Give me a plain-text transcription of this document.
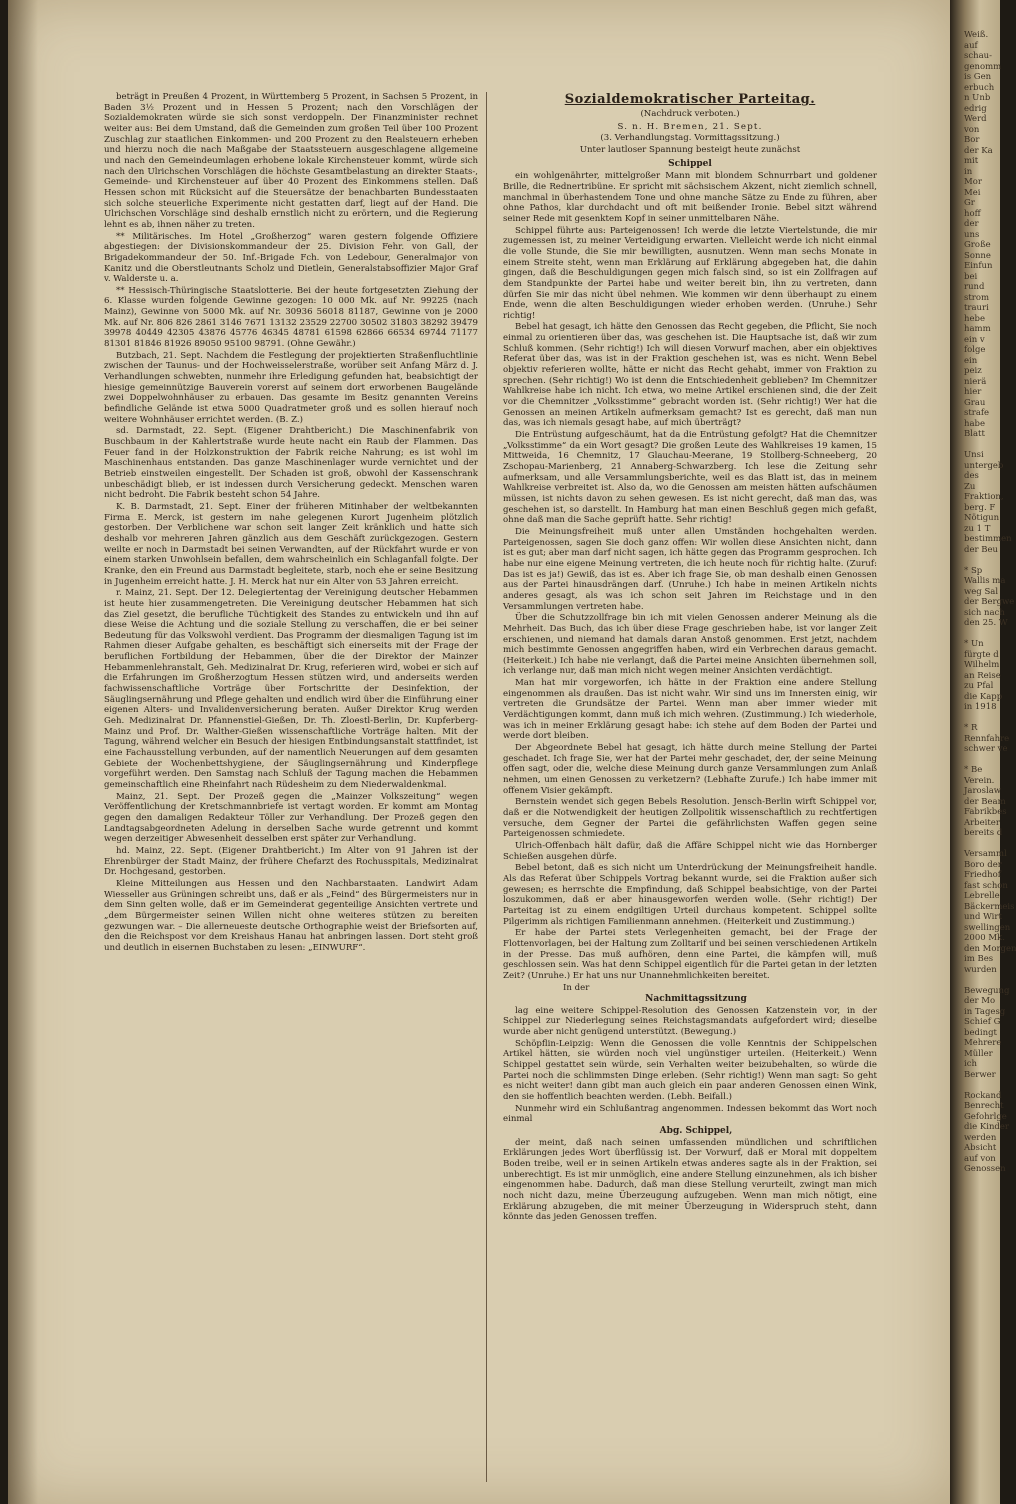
beträgt in Preußen 4 Prozent, in Württemberg 5 Prozent, in Sachsen 5 Prozent, in Baden 3½ Prozent und in Hessen 5 Prozent; nach den Vorschlägen der Sozialdemokraten würde sie sich sonst verdoppeln. Der Finanzminister rechnet weiter aus: Bei dem Umstand, daß die Gemeinden zum großen Teil über 100 Prozent Zuschlag zur staatlichen Einkommen- und 200 Prozent zu den Realsteuern erheben und hierzu noch die nach Maßgabe der Staatssteuern ausgeschlagene allgemeine und nach den Gemeindeumlagen erhobene lokale Kirchensteuer kommt, würde sich nach den Ulrichschen Vorschlägen die höchste Gesamtbelastung an direkter Staats-, Gemeinde- und Kirchensteuer auf über 40 Prozent des Einkommens stellen. Daß Hessen schon mit Rücksicht auf die Steuersätze der benachbarten Bundesstaaten sich solche steuerliche Experimente nicht gestatten darf, liegt auf der Hand. Die Ulrichschen Vorschläge sind deshalb ernstlich nicht zu erörtern, und die Regierung lehnt es ab, ihnen näher zu treten.

** Militärisches. Im Hotel „Großherzog“ waren gestern folgende Offiziere abgestiegen: der Divisionskommandeur der 25. Division Fehr. von Gall, der Brigadekommandeur der 50. Inf.-Brigade Fch. von Ledebour, Generalmajor von Kanitz und die Oberstleutnants Scholz und Dietlein, Generalstabsoffizier Major Graf v. Walderste u. a.

** Hessisch-Thüringische Staatslotterie. Bei der heute fortgesetzten Ziehung der 6. Klasse wurden folgende Gewinne gezogen: 10 000 Mk. auf Nr. 99225 (nach Mainz), Gewinne von 5000 Mk. auf Nr. 30936 56018 81187, Gewinne von je 2000 Mk. auf Nr. 806 826 2861 3146 7671 13132 23529 22700 30502 31803 38292 39479 39978 40449 42305 43876 45776 46345 48781 61598 62866 66534 69744 71177 81301 81846 81926 89050 95100 98791. (Ohne Gewähr.)

Butzbach, 21. Sept. Nachdem die Festlegung der projektierten Straßenfluchtlinie zwischen der Taunus- und der Hochweisselerstraße, worüber seit Anfang März d. J. Verhandlungen schwebten, nunmehr ihre Erledigung gefunden hat, beabsichtigt der hiesige gemeinnützige Bauverein vorerst auf seinem dort erworbenen Baugelände zwei Doppelwohnhäuser zu erbauen. Das gesamte im Besitz genannten Vereins befindliche Gelände ist etwa 5000 Quadratmeter groß und es sollen hierauf noch weitere Wohnhäuser errichtet werden. (B. Z.)

sd. Darmstadt, 22. Sept. (Eigener Drahtbericht.) Die Maschinenfabrik von Buschbaum in der Kahlertstraße wurde heute nacht ein Raub der Flammen. Das Feuer fand in der Holzkonstruktion der Fabrik reiche Nahrung; es ist wohl im Maschinenhaus entstanden. Das ganze Maschinenlager wurde vernichtet und der Betrieb einstweilen eingestellt. Der Schaden ist groß, obwohl der Kassenschrank unbeschädigt blieb, er ist indessen durch Versicherung gedeckt. Menschen waren nicht bedroht. Die Fabrik besteht schon 54 Jahre.

K. B. Darmstadt, 21. Sept. Einer der früheren Mitinhaber der weltbekannten Firma E. Merck, ist gestern im nahe gelegenen Kurort Jugenheim plötzlich gestorben. Der Verblichene war schon seit langer Zeit kränklich und hatte sich deshalb vor mehreren Jahren gänzlich aus dem Geschäft zurückgezogen. Gestern weilte er noch in Darmstadt bei seinen Verwandten, auf der Rückfahrt wurde er von einem starken Unwohlsein befallen, dem wahrscheinlich ein Schlaganfall folgte. Der Kranke, den ein Freund aus Darmstadt begleitete, starb, noch ehe er seine Besitzung in Jugenheim erreicht hatte. J. H. Merck hat nur ein Alter von 53 Jahren erreicht.

r. Mainz, 21. Sept. Der 12. Delegiertentag der Vereinigung deutscher Hebammen ist heute hier zusammengetreten. Die Vereinigung deutscher Hebammen hat sich das Ziel gesetzt, die berufliche Tüchtigkeit des Standes zu entwickeln und ihn auf diese Weise die Achtung und die soziale Stellung zu verschaffen, die er bei seiner Bedeutung für das Volkswohl verdient. Das Programm der diesmaligen Tagung ist im Rahmen dieser Aufgabe gehalten, es beschäftigt sich einerseits mit der Frage der beruflichen Fortbildung der Hebammen, über die der Direktor der Mainzer Hebammenlehranstalt, Geh. Medizinalrat Dr. Krug, referieren wird, wobei er sich auf die Erfahrungen im Großherzogtum Hessen stützen wird, und anderseits werden fachwissenschaftliche Vorträge über Fortschritte der Desinfektion, der Säuglingsernährung und Pflege gehalten und endlich wird über die Einführung einer eigenen Alters- und Invalidenversicherung beraten. Außer Direktor Krug werden Geh. Medizinalrat Dr. Pfannenstiel-Gießen, Dr. Th. Zloestl-Berlin, Dr. Kupferberg-Mainz und Prof. Dr. Walther-Gießen wissenschaftliche Vorträge halten. Mit der Tagung, während welcher ein Besuch der hiesigen Entbindungsanstalt stattfindet, ist eine Fachausstellung verbunden, auf der namentlich Neuerungen auf dem gesamten Gebiete der Wochenbettshygiene, der Säuglingsernährung und Kinderpflege vorgeführt werden. Den Samstag nach Schluß der Tagung machen die Hebammen gemeinschaftlich eine Rheinfahrt nach Rüdesheim zu dem Niederwaldenkmal.

Mainz, 21. Sept. Der Prozeß gegen die „Mainzer Volkszeitung“ wegen Veröffentlichung der Kretschmannbriefe ist vertagt worden. Er kommt am Montag gegen den damaligen Redakteur Töller zur Verhandlung. Der Prozeß gegen den Landtagsabgeordneten Adelung in derselben Sache wurde getrennt und kommt wegen derzeitiger Abwesenheit desselben erst später zur Verhandlung.

hd. Mainz, 22. Sept. (Eigener Drahtbericht.) Im Alter von 91 Jahren ist der Ehrenbürger der Stadt Mainz, der frühere Chefarzt des Rochusspitals, Medizinalrat Dr. Hochgesand, gestorben.

Kleine Mitteilungen aus Hessen und den Nachbarstaaten. Landwirt Adam Wiesseller aus Grüningen schreibt uns, daß er als „Feind“ des Bürgermeisters nur in dem Sinn gelten wolle, daß er im Gemeinderat gegenteilige Ansichten vertrete und „dem Bürgermeister seinen Willen nicht ohne weiteres stützen zu bereiten gezwungen war. – Die allerneueste deutsche Orthographie weist der Briefsorten auf, den die Reichspost vor dem Kreishaus Hanau hat anbringen lassen. Dort steht groß und deutlich in eisernen Buchstaben zu lesen: „EINWURF“.

Sozialdemokratischer Parteitag.
(Nachdruck verboten.)
S. n. H. Bremen, 21. Sept.
(3. Verhandlungstag. Vormittagssitzung.)
Unter lautloser Spannung besteigt heute zunächst
Schippel

ein wohlgenährter, mittelgroßer Mann mit blondem Schnurrbart und goldener Brille, die Rednertribüne. Er spricht mit sächsischem Akzent, nicht ziemlich schnell, manchmal in überhastendem Tone und ohne manche Sätze zu Ende zu führen, aber ohne Pathos, klar durchdacht und oft mit beißender Ironie. Bebel sitzt während seiner Rede mit gesenktem Kopf in seiner unmittelbaren Nähe.

Schippel führte aus: Parteigenossen! Ich werde die letzte Viertelstunde, die mir zugemessen ist, zu meiner Verteidigung erwarten. Vielleicht werde ich nicht einmal die volle Stunde, die Sie mir bewilligten, ausnutzen. Wenn man sechs Monate in einem Streite steht, wenn man Erklärung auf Erklärung abgegeben hat, die dahin gingen, daß die Beschuldigungen gegen mich falsch sind, so ist ein Zollfragen auf dem Standpunkte der Partei habe und weiter bereit bin, ihn zu vertreten, dann dürfen Sie mir das nicht übel nehmen. Wie kommen wir denn überhaupt zu einem Ende, wenn die alten Beschuldigungen wieder erhoben werden. (Unruhe.) Sehr richtig!

Bebel hat gesagt, ich hätte den Genossen das Recht gegeben, die Pflicht, Sie noch einmal zu orientieren über das, was geschehen ist. Die Hauptsache ist, daß wir zum Schluß kommen. (Sehr richtig!) Ich will diesen Vorwurf machen, aber ein objektives Referat über das, was ist in der Fraktion geschehen ist, was es nicht. Wenn Bebel objektiv referieren wollte, hätte er nicht das Recht gehabt, immer von Fraktion zu sprechen. (Sehr richtig!) Wo ist denn die Entschiedenheit geblieben? Im Chemnitzer Wahlkreise habe ich nicht. Ich etwa, wo meine Artikel erschienen sind, die der Zeit vor die Chemnitzer „Volksstimme“ gebracht worden ist. (Sehr richtig!) Wer hat die Genossen an meinen Artikeln aufmerksam gemacht? Ist es gerecht, daß man nun das, was ich niemals gesagt habe, auf mich überträgt?

Die Entrüstung aufgeschäumt, hat da die Entrüstung gefolgt? Hat die Chemnitzer „Volksstimme“ da ein Wort gesagt? Die großen Leute des Wahlkreises 19 kamen, 15 Mittweida, 16 Chemnitz, 17 Glauchau-Meerane, 19 Stollberg-Schneeberg, 20 Zschopau-Marienberg, 21 Annaberg-Schwarzberg. Ich lese die Zeitung sehr aufmerksam, und alle Versammlungsberichte, weil es das Blatt ist, das in meinem Wahlkreise verbreitet ist. Also da, wo die Genossen am meisten hätten aufschäumen müssen, ist nichts davon zu sehen gewesen. Es ist nicht gerecht, daß man das, was geschehen ist, so darstellt. In Hamburg hat man einen Beschluß gegen mich gefaßt, ohne daß man die Sache geprüft hatte. Sehr richtig!

Die Meinungsfreiheit muß unter allen Umständen hochgehalten werden. Parteigenossen, sagen Sie doch ganz offen: Wir wollen diese Ansichten nicht, dann ist es gut; aber man darf nicht sagen, ich hätte gegen das Programm gesprochen. Ich habe nur eine eigene Meinung vertreten, die ich heute noch für richtig halte. (Zuruf: Das ist es ja!) Gewiß, das ist es. Aber ich frage Sie, ob man deshalb einen Genossen aus der Partei hinausdrängen darf. (Unruhe.) Ich habe in meinen Artikeln nichts anderes gesagt, als was ich schon seit Jahren im Reichstage und in den Versammlungen vertreten habe.

Über die Schutzzollfrage bin ich mit vielen Genossen anderer Meinung als die Mehrheit. Das Buch, das ich über diese Frage geschrieben habe, ist vor langer Zeit erschienen, und niemand hat damals daran Anstoß genommen. Erst jetzt, nachdem mich bestimmte Genossen angegriffen haben, wird ein Verbrechen daraus gemacht. (Heiterkeit.) Ich habe nie verlangt, daß die Partei meine Ansichten übernehmen soll, ich verlange nur, daß man mich nicht wegen meiner Ansichten verdächtigt.

Man hat mir vorgeworfen, ich hätte in der Fraktion eine andere Stellung eingenommen als draußen. Das ist nicht wahr. Wir sind uns im Innersten einig, wir vertreten die Grundsätze der Partei. Wenn man aber immer wieder mit Verdächtigungen kommt, dann muß ich mich wehren. (Zustimmung.) Ich wiederhole, was ich in meiner Erklärung gesagt habe: ich stehe auf dem Boden der Partei und werde dort bleiben.

Der Abgeordnete Bebel hat gesagt, ich hätte durch meine Stellung der Partei geschadet. Ich frage Sie, wer hat der Partei mehr geschadet, der, der seine Meinung offen sagt, oder die, welche diese Meinung durch ganze Versammlungen zum Anlaß nehmen, um einen Genossen zu verketzern? (Lebhafte Zurufe.) Ich habe immer mit offenem Visier gekämpft.

Bernstein wendet sich gegen Bebels Resolution. Jensch-Berlin wirft Schippel vor, daß er die Notwendigkeit der heutigen Zollpolitik wissenschaftlich zu rechtfertigen versuche, dem Gegner der Partei die gefährlichsten Waffen gegen seine Parteigenossen schmiedete.

Ulrich-Offenbach hält dafür, daß die Affäre Schippel nicht wie das Hornberger Schießen ausgehen dürfe.

Bebel betont, daß es sich nicht um Unterdrückung der Meinungsfreiheit handle. Als das Referat über Schippels Vortrag bekannt wurde, sei die Fraktion außer sich gewesen; es herrschte die Empfindung, daß Schippel beabsichtige, von der Partei loszukommen, daß er aber hinausgeworfen werden wolle. (Sehr richtig!) Der Parteitag ist zu einem endgiltigen Urteil durchaus kompetent. Schippel sollte Pilgerimm als richtigen Familienmann annehmen. (Heiterkeit und Zustimmung.)

Er habe der Partei stets Verlegenheiten gemacht, bei der Frage der Flottenvorlagen, bei der Haltung zum Zolltarif und bei seinen verschiedenen Artikeln in der Presse. Das muß aufhören, denn eine Partei, die kämpfen will, muß geschlossen sein. Was hat denn Schippel eigentlich für die Partei getan in der letzten Zeit? (Unruhe.) Er hat uns nur Unannehmlichkeiten bereitet.

In der

Nachmittagssitzung

lag eine weitere Schippel-Resolution des Genossen Katzenstein vor, in der Schippel zur Niederlegung seines Reichstagsmandats aufgefordert wird; dieselbe wurde aber nicht genügend unterstützt. (Bewegung.)

Schöpflin-Leipzig: Wenn die Genossen die volle Kenntnis der Schippelschen Artikel hätten, sie würden noch viel ungünstiger urteilen. (Heiterkeit.) Wenn Schippel gestattet sein würde, sein Verhalten weiter beizubehalten, so würde die Partei noch die schlimmsten Dinge erleben. (Sehr richtig!) Wenn man sagt: So geht es nicht weiter! dann gibt man auch gleich ein paar anderen Genossen einen Wink, den sie hoffentlich beachten werden. (Lebh. Beifall.)

Nunmehr wird ein Schlußantrag angenommen. Indessen bekommt das Wort noch einmal

Abg. Schippel,

der meint, daß nach seinen umfassenden mündlichen und schriftlichen Erklärungen jedes Wort überflüssig ist. Der Vorwurf, daß er Moral mit doppeltem Boden treibe, weil er in seinen Artikeln etwas anderes sagte als in der Fraktion, sei unberechtigt. Es ist mir unmöglich, eine andere Stellung einzunehmen, als ich bisher eingenommen habe. Dadurch, daß man diese Stellung verurteilt, zwingt man mich noch nicht dazu, meine Überzeugung aufzugeben. Wenn man mich nötigt, eine Erklärung abzugeben, die mit meiner Überzeugung in Widerspruch steht, dann könnte das jeden Genossen treffen.

Weiß.
auf
schau-
genomm
is Gen
erbuch
n Unb
edrig
Werd
von
Bor
der Ka
mit
in
Mor
Mei
Gr
hoff
der
uns
Große
Sonne
Einfun
bei
rund
strom
trauri
hebe
hamm
ein v
folge
ein
peiz
nierä
hier
Grau
strafe
habe
Blatt

Unsi
untergeb
des
Zu
Fraktion,
berg. F
Nötigun
zu 1 T
bestimmen
der Beu

* Sp
Wallis ma
weg Sal
der Bergwe
sich nach
den 25. W

* Un
fürgte d
Wilhelm
an Reise
zu Pfal
die Kapp
in 1918

* R
Rennfahre
schwer ve

* Be
Verein.
Jaroslaw
der Beam
Fabrikbes
Arbeiter
bereits d

Versamml
Boro der
Friedhof
fast schon
Lebrelle
Bäckermeis
und Wirt
swellingen
2000 Mk.
den Morgen
im Bes
wurden

Bewegung
der Mo
in Tagesg
Schief G
bedingt
Mehrere
Müller
ich
Berwer

Rockand
Benrecht
Gefohrlge
die Kinder
werden
Absicht
auf von
Genossen
